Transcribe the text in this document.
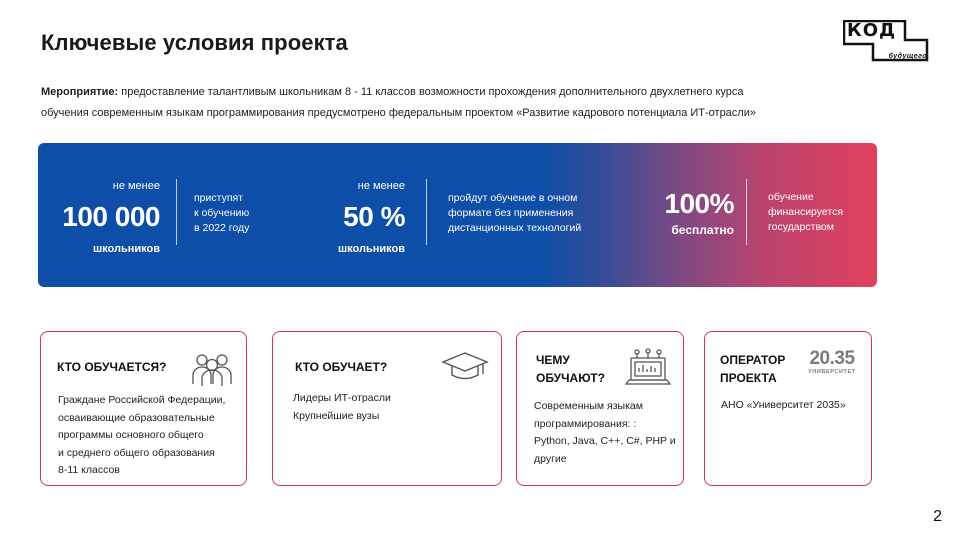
Ключевые условия проекта	КОД
будущего
Мероприятие: предоставление талантливым школьникам 8 - 11 классов возможности прохождения дополнительного двухлетнего курса
обучения современным языкам программирования предусмотрено федеральным проектом «Развитие кадрового потенциала ИТ-отрасли»
не менее
100 000
школьников
приступят
к обучению
в 2022 году
не менее
50 %
школьников
пройдут обучение в очном
формате без применения
дистанционных технологий
100%
бесплатно
обучение
финансируется
государством
КТО ОБУЧАЕТСЯ?
Граждане Российской Федерации,
осваивающие образовательные
программы основного общего
и среднего общего образования
8-11 классов
КТО ОБУЧАЕТ?
Лидеры ИТ-отрасли
Крупнейшие вузы
ЧЕМУ
ОБУЧАЮТ?
Современным языкам
программирования: :
Python, Java, C++, C#, PHP и
другие
ОПЕРАТОР
ПРОЕКТА
20.35
УНИВЕРСИТЕТ
АНО «Университет 2035»
2
